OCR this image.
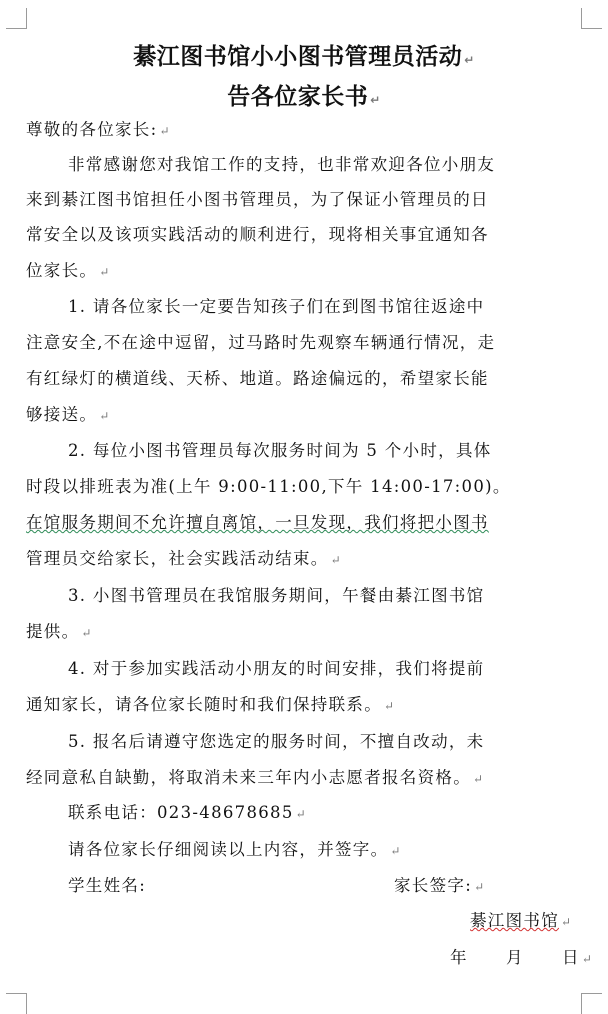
綦江图书馆小小图书管理员活动 ↵
告各位家长书 ↵
尊敬的各位家长: ↵
非常感谢您对我馆工作的支持，也非常欢迎各位小朋友
来到綦江图书馆担任小图书管理员，为了保证小管理员的日
常安全以及该项实践活动的顺利进行，现将相关事宜通知各
位家长。 ↵
1. 请各位家长一定要告知孩子们在到图书馆往返途中
注意安全,不在途中逗留，过马路时先观察车辆通行情况，走
有红绿灯的横道线、天桥、地道。路途偏远的，希望家长能
够接送。 ↵
2. 每位小图书管理员每次服务时间为 5 个小时，具体
时段以排班表为准(上午 9:00-11:00,下午 14:00-17:00)。
在馆服务期间不允许擅自离馆，一旦发现，我们将把小图书
管理员交给家长，社会实践活动结束。 ↵
3. 小图书管理员在我馆服务期间，午餐由綦江图书馆
提供。 ↵
4. 对于参加实践活动小朋友的时间安排，我们将提前
通知家长，请各位家长随时和我们保持联系。 ↵
5. 报名后请遵守您选定的服务时间，不擅自改动，未
经同意私自缺勤，将取消未来三年内小志愿者报名资格。 ↵
联系电话：023-48678685 ↵
请各位家长仔细阅读以上内容，并签字。 ↵
学生姓名:	家长签字: ↵
綦江图书馆 ↵
年	月	日 ↵
